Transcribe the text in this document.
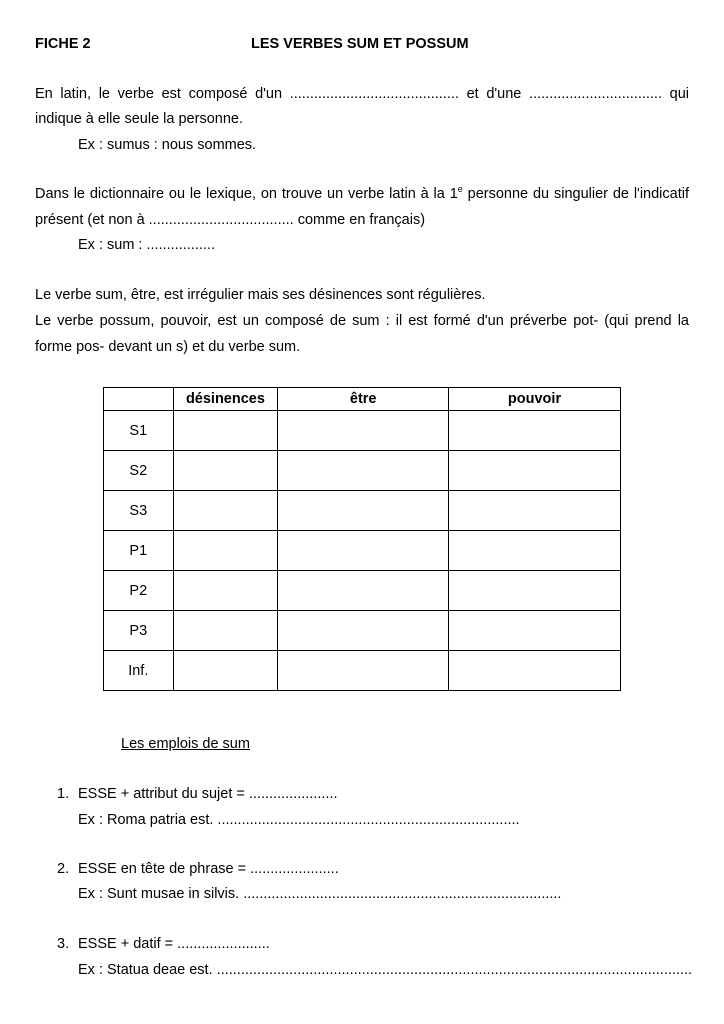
FICHE 2	LES VERBES SUM ET POSSUM
En latin, le verbe est composé d'un .......................................... et d'une ................................. qui
indique à elle seule la personne.
Ex : sumus : nous sommes.
Dans le dictionnaire ou le lexique, on trouve un verbe latin à la 1e personne du singulier de l'indicatif
présent (et non à .................................... comme en français)
Ex : sum : .................
Le verbe sum, être, est irrégulier mais ses désinences sont régulières.
Le verbe possum, pouvoir, est un composé de sum : il est formé d'un préverbe pot- (qui prend la
forme pos- devant un s) et du verbe sum.
	désinences	être	pouvoir
S1			
S2			
S3			
P1			
P2			
P3			
Inf.			
Les emplois de sum
1. ESSE + attribut du sujet = ......................
Ex : Roma patria est. ...........................................................................
2. ESSE en tête de phrase = ......................
Ex : Sunt musae in silvis. ...............................................................................
3. ESSE + datif = .......................
Ex : Statua deae est. ......................................................................................................................
